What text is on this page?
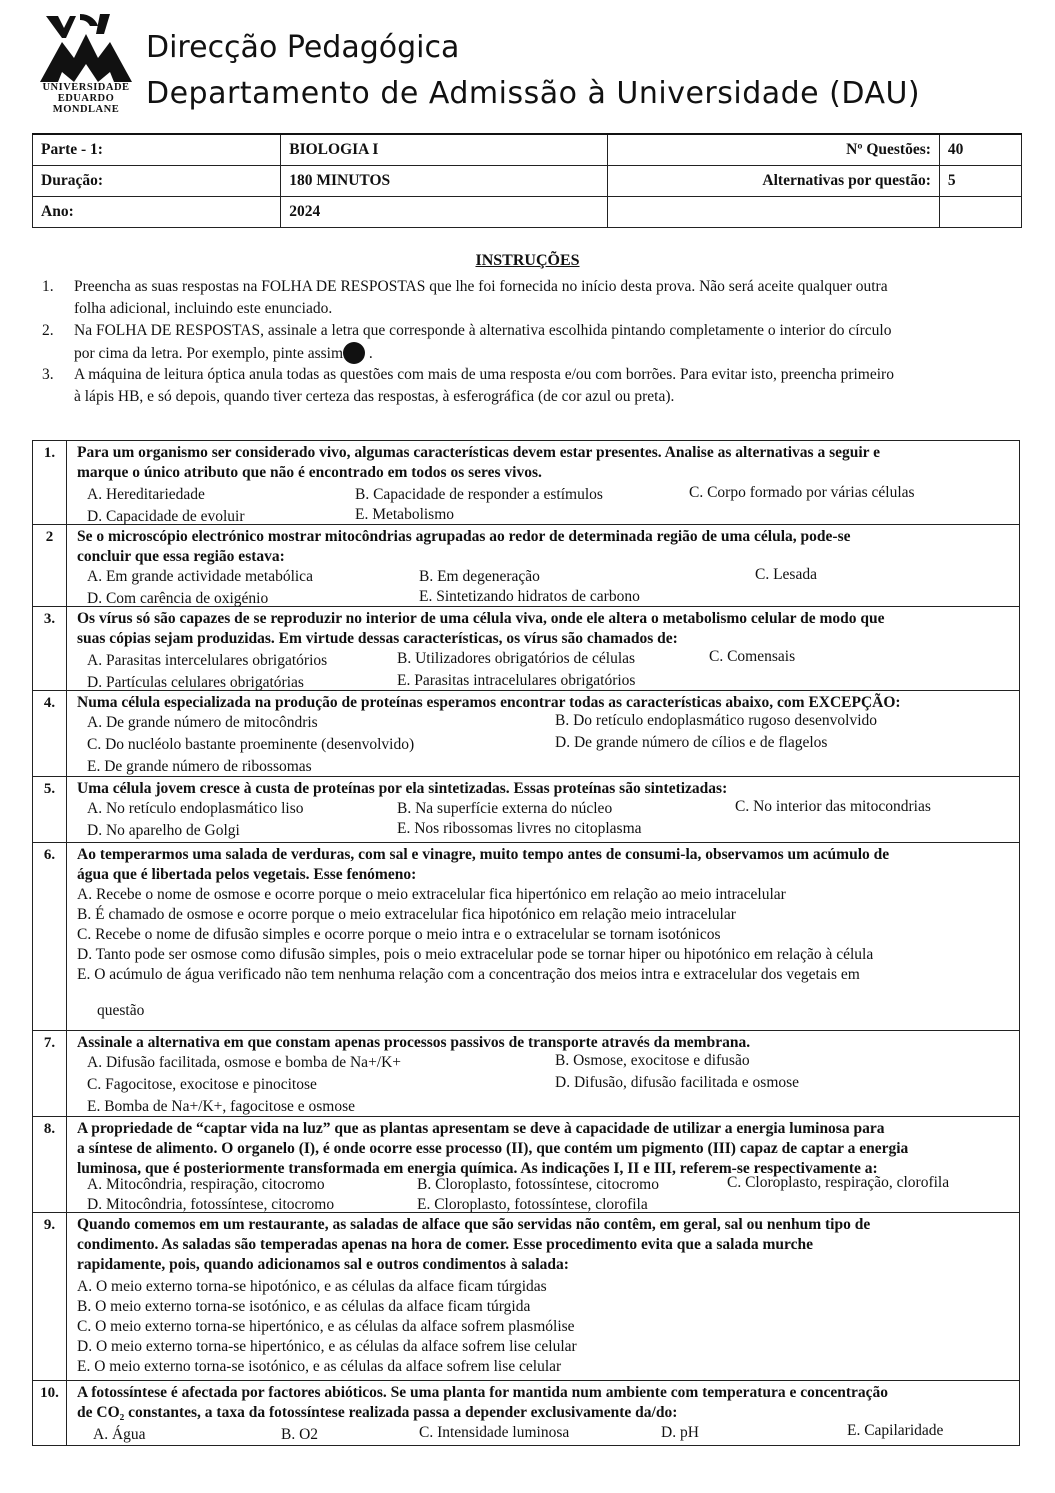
UNIVERSIDADE
EDUARDO
MONDLANE
Direcção Pedagógica
Departamento de Admissão à Universidade (DAU)
Parte - 1:	BIOLOGIA I	Nº Questões:	40
Duração:	180 MINUTOS	Alternativas por questão:	5
Ano:	2024		
INSTRUÇÕES
1. Preencha as suas respostas na FOLHA DE RESPOSTAS que lhe foi fornecida no início desta prova. Não será aceite qualquer outra
folha adicional, incluindo este enunciado.
2. Na FOLHA DE RESPOSTAS, assinale a letra que corresponde à alternativa escolhida pintando completamente o interior do círculo
por cima da letra. Por exemplo, pinte assim .
3. A máquina de leitura óptica anula todas as questões com mais de uma resposta e/ou com borrões. Para evitar isto, preencha primeiro
à lápis HB, e só depois, quando tiver certeza das respostas, à esferográfica (de cor azul ou preta).
1.	Para um organismo ser considerado vivo, algumas características devem estar presentes. Analise as alternativas a seguir e
marque o único atributo que não é encontrado em todos os seres vivos.
A. Hereditariedade	B. Capacidade de responder a estímulos	C. Corpo formado por várias células
D. Capacidade de evoluir	E. Metabolismo
2	Se o microscópio electrónico mostrar mitocôndrias agrupadas ao redor de determinada região de uma célula, pode-se
concluir que essa região estava:
A. Em grande actividade metabólica	B. Em degeneração	C. Lesada
D. Com carência de oxigénio	E. Sintetizando hidratos de carbono
3.	Os vírus só são capazes de se reproduzir no interior de uma célula viva, onde ele altera o metabolismo celular de modo que
suas cópias sejam produzidas. Em virtude dessas características, os vírus são chamados de:
A. Parasitas intercelulares obrigatórios	B. Utilizadores obrigatórios de células	C. Comensais
D. Partículas celulares obrigatórias	E. Parasitas intracelulares obrigatórios
4.	Numa célula especializada na produção de proteínas esperamos encontrar todas as características abaixo, com EXCEPÇÃO:
A. De grande número de mitocôndris	B. Do retículo endoplasmático rugoso desenvolvido
C. Do nucléolo bastante proeminente (desenvolvido)	D. De grande número de cílios e de flagelos
E. De grande número de ribossomas
5.	Uma célula jovem cresce à custa de proteínas por ela sintetizadas. Essas proteínas são sintetizadas:
A. No retículo endoplasmático liso	B. Na superfície externa do núcleo	C. No interior das mitocondrias
D. No aparelho de Golgi	E. Nos ribossomas livres no citoplasma
6.	Ao temperarmos uma salada de verduras, com sal e vinagre, muito tempo antes de consumi-la, observamos um acúmulo de
água que é libertada pelos vegetais. Esse fenómeno:
A. Recebe o nome de osmose e ocorre porque o meio extracelular fica hipertónico em relação ao meio intracelular
B. É chamado de osmose e ocorre porque o meio extracelular fica hipotónico em relação meio intracelular
C. Recebe o nome de difusão simples e ocorre porque o meio intra e o extracelular se tornam isotónicos
D. Tanto pode ser osmose como difusão simples, pois o meio extracelular pode se tornar hiper ou hipotónico em relação à célula
E. O acúmulo de água verificado não tem nenhuma relação com a concentração dos meios intra e extracelular dos vegetais em
questão
7.	Assinale a alternativa em que constam apenas processos passivos de transporte através da membrana.
A. Difusão facilitada, osmose e bomba de Na+/K+	B. Osmose, exocitose e difusão
C. Fagocitose, exocitose e pinocitose	D. Difusão, difusão facilitada e osmose
E. Bomba de Na+/K+, fagocitose e osmose
8.	A propriedade de “captar vida na luz” que as plantas apresentam se deve à capacidade de utilizar a energia luminosa para
a síntese de alimento. O organelo (I), é onde ocorre esse processo (II), que contém um pigmento (III) capaz de captar a energia
luminosa, que é posteriormente transformada em energia química. As indicações I, II e III, referem-se respectivamente a:
A. Mitocôndria, respiração, citocromo	B. Cloroplasto, fotossíntese, citocromo	C. Cloroplasto, respiração, clorofila
D. Mitocôndria, fotossíntese, citocromo	E. Cloroplasto, fotossíntese, clorofila
9.	Quando comemos em um restaurante, as saladas de alface que são servidas não contêm, em geral, sal ou nenhum tipo de
condimento. As saladas são temperadas apenas na hora de comer. Esse procedimento evita que a salada murche
rapidamente, pois, quando adicionamos sal e outros condimentos à salada:
A. O meio externo torna-se hipotónico, e as células da alface ficam túrgidas
B. O meio externo torna-se isotónico, e as células da alface ficam túrgida
C. O meio externo torna-se hipertónico, e as células da alface sofrem plasmólise
D. O meio externo torna-se hipertónico, e as células da alface sofrem lise celular
E. O meio externo torna-se isotónico, e as células da alface sofrem lise celular
10.	A fotossíntese é afectada por factores abióticos. Se uma planta for mantida num ambiente com temperatura e concentração
de CO₂ constantes, a taxa da fotossíntese realizada passa a depender exclusivamente da/do:
A. Água	B. O2	C. Intensidade luminosa	D. pH	E. Capilaridade
